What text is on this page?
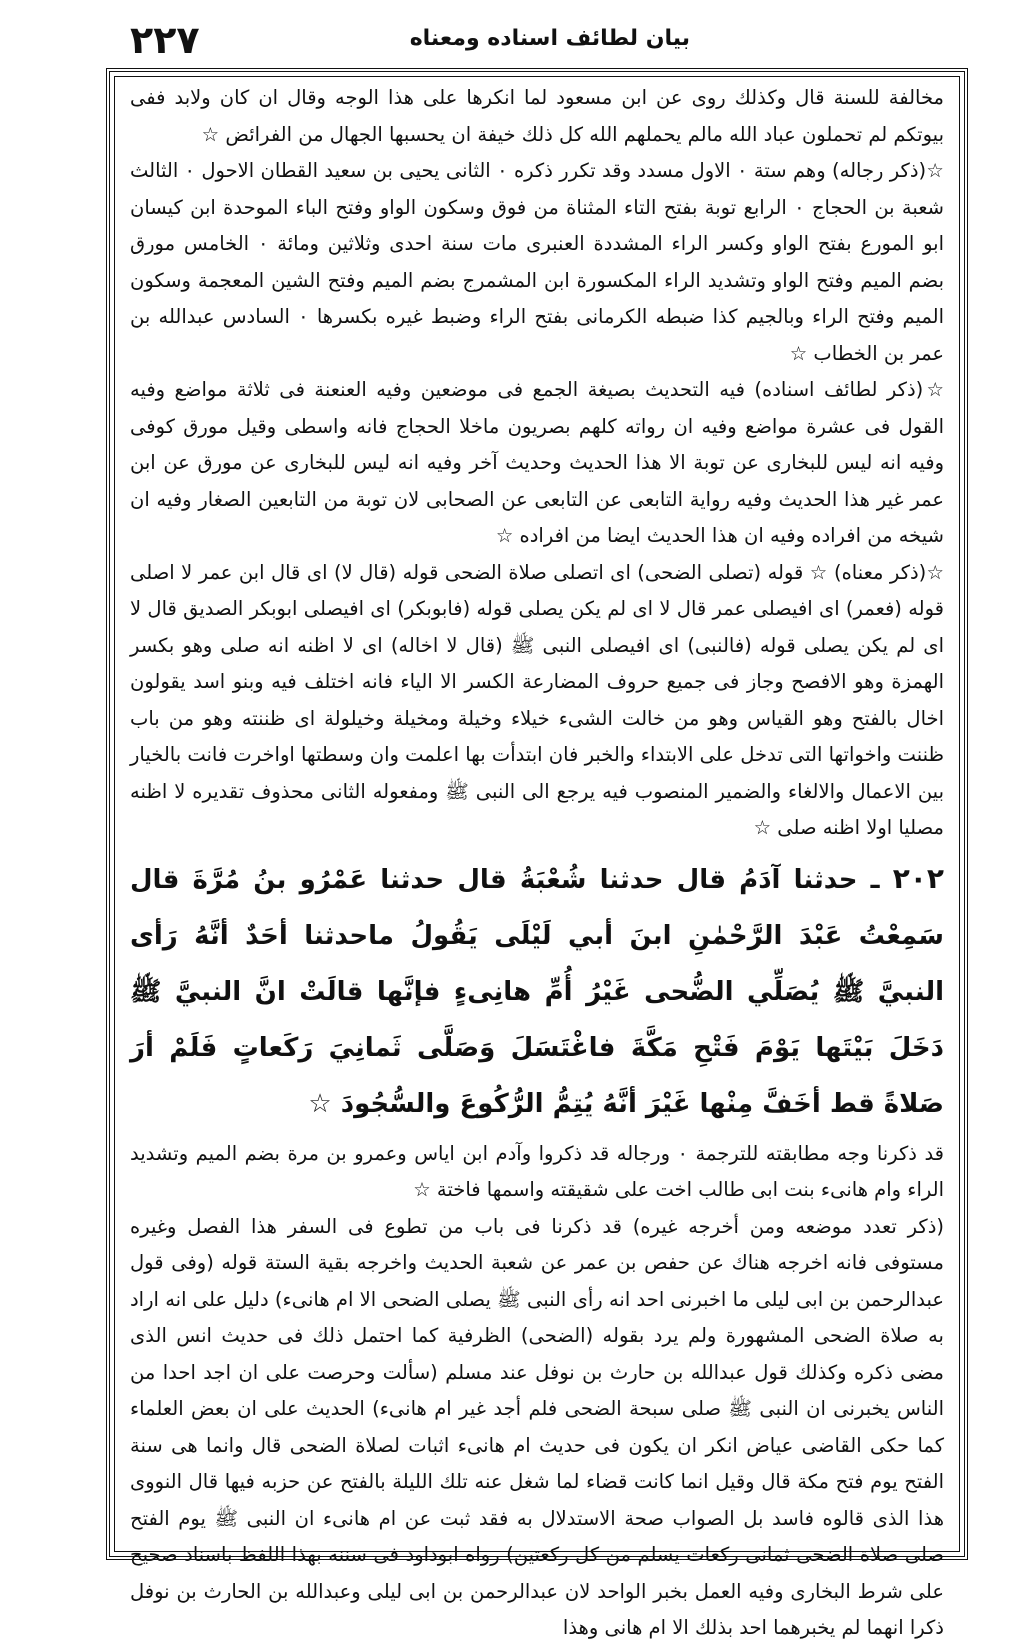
٢٢٧	بيان لطائف اسناده ومعناه

مخالفة للسنة قال وكذلك روى عن ابن مسعود لما انكرها على هذا الوجه وقال ان كان ولابد ففى بيوتكم لم تحملون عباد الله مالم يحملهم الله كل ذلك خيفة ان يحسبها الجهال من الفرائض ☆

☆(ذكر رجاله) وهم ستة ۰ الاول مسدد وقد تكرر ذكره ۰ الثانى يحيى بن سعيد القطان الاحول ۰ الثالث شعبة بن الحجاج ۰ الرابع توبة بفتح التاء المثناة من فوق وسكون الواو وفتح الباء الموحدة ابن كيسان ابو المورع بفتح الواو وكسر الراء المشددة العنبرى مات سنة احدى وثلاثين ومائة ۰ الخامس مورق بضم الميم وفتح الواو وتشديد الراء المكسورة ابن المشمرج بضم الميم وفتح الشين المعجمة وسكون الميم وفتح الراء وبالجيم كذا ضبطه الكرمانى بفتح الراء وضبط غيره بكسرها ۰ السادس عبدالله بن عمر بن الخطاب ☆

☆(ذكر لطائف اسناده) فيه التحديث بصيغة الجمع فى موضعين وفيه العنعنة فى ثلاثة مواضع وفيه القول فى عشرة مواضع وفيه ان رواته كلهم بصريون ماخلا الحجاج فانه واسطى وقيل مورق كوفى وفيه انه ليس للبخارى عن توبة الا هذا الحديث وحديث آخر وفيه انه ليس للبخارى عن مورق عن ابن عمر غير هذا الحديث وفيه رواية التابعى عن التابعى عن الصحابى لان توبة من التابعين الصغار وفيه ان شيخه من افراده وفيه ان هذا الحديث ايضا من افراده ☆

☆(ذكر معناه) ☆ قوله (تصلى الضحى) اى اتصلى صلاة الضحى قوله (قال لا) اى قال ابن عمر لا اصلى قوله (فعمر) اى افيصلى عمر قال لا اى لم يكن يصلى قوله (فابوبكر) اى افيصلى ابوبكر الصديق قال لا اى لم يكن يصلى قوله (فالنبى) اى افيصلى النبى ﷺ (قال لا اخاله) اى لا اظنه انه صلى وهو بكسر الهمزة وهو الافصح وجاز فى جميع حروف المضارعة الكسر الا الياء فانه اختلف فيه وبنو اسد يقولون اخال بالفتح وهو القياس وهو من خالت الشىء خيلاء وخيلة ومخيلة وخيلولة اى ظننته وهو من باب ظننت واخواتها التى تدخل على الابتداء والخبر فان ابتدأت بها اعلمت وان وسطتها اواخرت فانت بالخيار بين الاعمال والالغاء والضمير المنصوب فيه يرجع الى النبى ﷺ ومفعوله الثانى محذوف تقديره لا اظنه مصليا اولا اظنه صلى ☆

٢٠٢ ـ حدثنا آدَمُ قال حدثنا شُعْبَةُ قال حدثنا عَمْرُو بنُ مُرَّةَ قال سَمِعْتُ عَبْدَ الرَّحْمٰنِ ابنَ أبي لَيْلَى يَقُولُ ماحدثنا أحَدٌ أنَّهُ رَأى النبيَّ ﷺ يُصَلِّي الضُّحى غَيْرُ أُمِّ هانِىءٍ فإنَّها قالَتْ انَّ النبيَّ ﷺ دَخَلَ بَيْتَها يَوْمَ فَتْحِ مَكَّةَ فاغْتَسَلَ وَصَلَّى ثَمانِيَ رَكَعاتٍ فَلَمْ أرَ صَلاةً قط أخَفَّ مِنْها غَيْرَ أنَّهُ يُتِمُّ الرُّكُوعَ والسُّجُودَ ☆

قد ذكرنا وجه مطابقته للترجمة ۰ ورجاله قد ذكروا وآدم ابن اياس وعمرو بن مرة بضم الميم وتشديد الراء وام هانىء بنت ابى طالب اخت على شقيقته واسمها فاختة ☆

(ذكر تعدد موضعه ومن أخرجه غيره) قد ذكرنا فى باب من تطوع فى السفر هذا الفصل وغيره مستوفى فانه اخرجه هناك عن حفص بن عمر عن شعبة الحديث واخرجه بقية الستة قوله (وفى قول عبدالرحمن بن ابى ليلى ما اخبرنى احد انه رأى النبى ﷺ يصلى الضحى الا ام هانىء) دليل على انه اراد به صلاة الضحى المشهورة ولم يرد بقوله (الضحى) الظرفية كما احتمل ذلك فى حديث انس الذى مضى ذكره وكذلك قول عبدالله بن حارث بن نوفل عند مسلم (سألت وحرصت على ان اجد احدا من الناس يخبرنى ان النبى ﷺ صلى سبحة الضحى فلم أجد غير ام هانىء) الحديث على ان بعض العلماء كما حكى القاضى عياض انكر ان يكون فى حديث ام هانىء اثبات لصلاة الضحى قال وانما هى سنة الفتح يوم فتح مكة قال وقيل انما كانت قضاء لما شغل عنه تلك الليلة بالفتح عن حزبه فيها قال النووى هذا الذى قالوه فاسد بل الصواب صحة الاستدلال به فقد ثبت عن ام هانىء ان النبى ﷺ يوم الفتح صلى صلاة الضحى ثمانى ركعات يسلم من كل ركعتين) رواه ابوداود فى سننه بهذا اللفظ باسناد صحيح على شرط البخارى وفيه العمل بخبر الواحد لان عبدالرحمن بن ابى ليلى وعبدالله بن الحارث بن نوفل ذكرا انهما لم يخبرهما احد بذلك الا ام هانى وهذا
